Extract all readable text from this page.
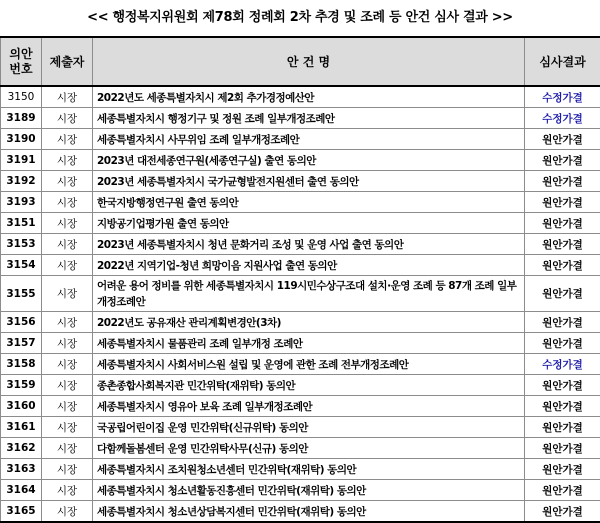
<< 행정복지위원회 제78회 정례회 2차 추경 및 조례 등 안건 심사 결과 >>
의안
번호	제출자	안 건 명	심사결과
3150	시장	2022년도 세종특별자치시 제2회 추가경정예산안	수정가결
3189	시장	세종특별자치시 행정기구 및 정원 조례 일부개정조례안	수정가결
3190	시장	세종특별자치시 사무위임 조례 일부개정조례안	원안가결
3191	시장	2023년 대전세종연구원(세종연구실) 출연 동의안	원안가결
3192	시장	2023년 세종특별자치시 국가균형발전지원센터 출연 동의안	원안가결
3193	시장	한국지방행정연구원 출연 동의안	원안가결
3151	시장	지방공기업평가원 출연 동의안	원안가결
3153	시장	2023년 세종특별자치시 청년 문화거리 조성 및 운영 사업 출연 동의안	원안가결
3154	시장	2022년 지역기업-청년 희망이음 지원사업 출연 동의안	원안가결
3155	시장	어려운 용어 정비를 위한 세종특별자치시 119시민수상구조대 설치·운영 조례 등 87개 조례 일부개정조례안	원안가결
3156	시장	2022년도 공유재산 관리계획변경안(3차)	원안가결
3157	시장	세종특별자치시 물품관리 조례 일부개정 조례안	원안가결
3158	시장	세종특별자치시 사회서비스원 설립 및 운영에 관한 조례 전부개정조례안	수정가결
3159	시장	종촌종합사회복지관 민간위탁(재위탁) 동의안	원안가결
3160	시장	세종특별자치시 영유아 보육 조례 일부개정조례안	원안가결
3161	시장	국공립어린이집 운영 민간위탁(신규위탁) 동의안	원안가결
3162	시장	다함께돌봄센터 운영 민간위탁사무(신규) 동의안	원안가결
3163	시장	세종특별자치시 조치원청소년센터 민간위탁(재위탁) 동의안	원안가결
3164	시장	세종특별자치시 청소년활동진흥센터 민간위탁(재위탁) 동의안	원안가결
3165	시장	세종특별자치시 청소년상담복지센터 민간위탁(재위탁) 동의안	원안가결
